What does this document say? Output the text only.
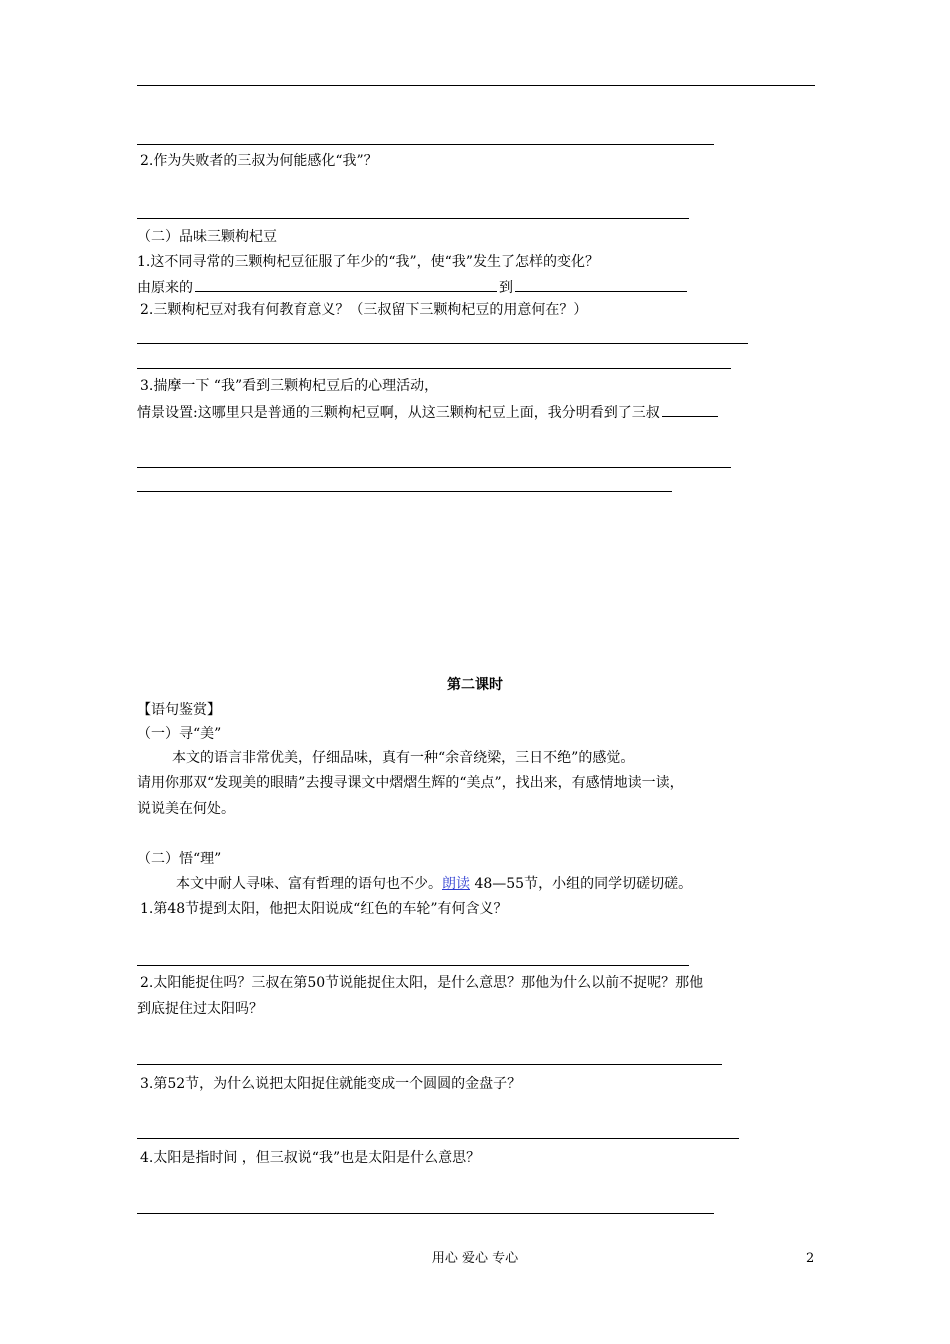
2.作为失败者的三叔为何能感化“我”？
（二）品味三颗枸杞豆
1.这不同寻常的三颗枸杞豆征服了年少的“我”，使“我”发生了怎样的变化？
由原来的	到
2.三颗枸杞豆对我有何教育意义？（三叔留下三颗枸杞豆的用意何在？）
3.揣摩一下 “我”看到三颗枸杞豆后的心理活动，
情景设置:这哪里只是普通的三颗枸杞豆啊，从这三颗枸杞豆上面，我分明看到了三叔
第二课时
【语句鉴赏】
（一）寻“美”
本文的语言非常优美，仔细品味，真有一种“余音绕梁，三日不绝”的感觉。
请用你那双“发现美的眼睛”去搜寻课文中熠熠生辉的“美点”，找出来，有感情地读一读，
说说美在何处。
（二）悟“理”
本文中耐人寻味、富有哲理的语句也不少。朗读 48—55节，小组的同学切磋切磋。
1.第48节提到太阳，他把太阳说成“红色的车轮”有何含义？
2.太阳能捉住吗？三叔在第50节说能捉住太阳，是什么意思？那他为什么以前不捉呢？那他
到底捉住过太阳吗？
3.第52节，为什么说把太阳捉住就能变成一个圆圆的金盘子？
4.太阳是指时间 ，但三叔说“我”也是太阳是什么意思？
用心 爱心 专心	2
